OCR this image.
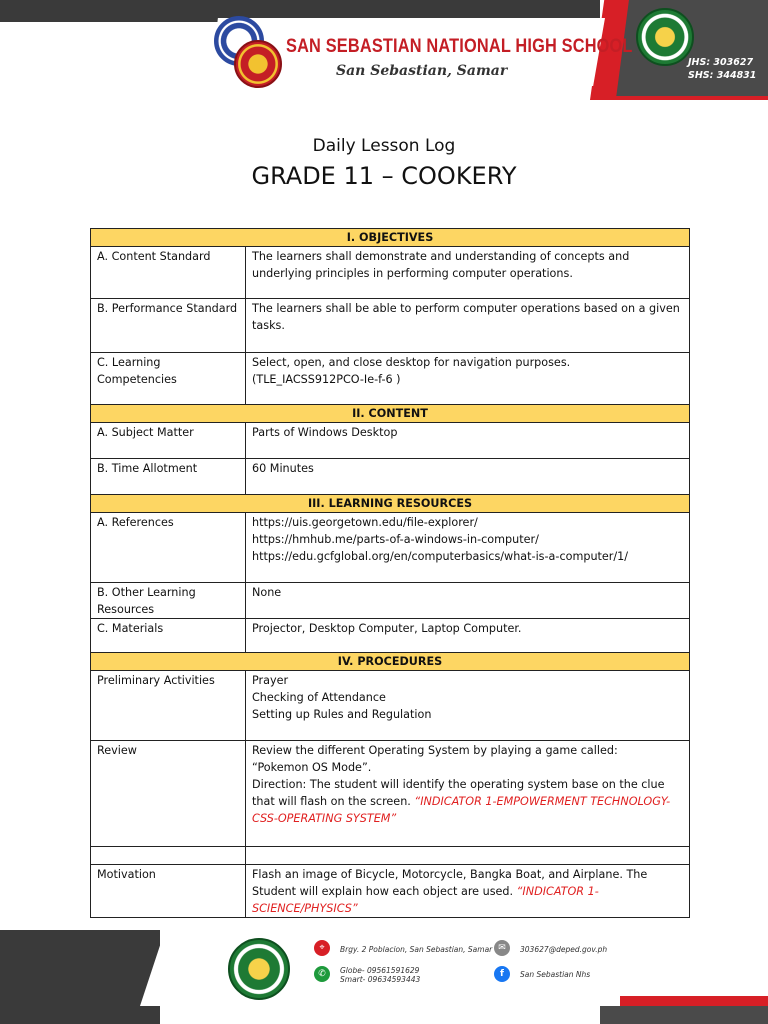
SAN SEBASTIAN NATIONAL HIGH SCHOOL
San Sebastian, Samar
JHS: 303627
SHS: 344831
Daily Lesson Log
GRADE 11 – COOKERY
I. OBJECTIVES	
A. Content Standard	The learners shall demonstrate and understanding of concepts and underlying principles in performing computer operations.
B. Performance Standard	The learners shall be able to perform computer operations based on a given tasks.
C. Learning Competencies	Select, open, and close desktop for navigation purposes.
(TLE_IACSS912PCO-Ie-f-6 )

II. CONTENT	
A. Subject Matter	Parts of Windows Desktop
B. Time Allotment	60 Minutes
III. LEARNING RESOURCES	
A. References	https://uis.georgetown.edu/file-explorer/
https://hmhub.me/parts-of-a-windows-in-computer/
https://edu.gcfglobal.org/en/computerbasics/what-is-a-computer/1/

B. Other Learning Resources	None
C. Materials	Projector, Desktop Computer, Laptop Computer.
IV. PROCEDURES	
Preliminary Activities	Prayer
Checking of Attendance
Setting up Rules and Regulation

Review	Review the different Operating System by playing a game called:
“Pokemon OS Mode”.
Direction: The student will identify the operating system base on the clue that will flash on the screen. “INDICATOR 1-EMPOWERMENT TECHNOLOGY-CSS-OPERATING SYSTEM”

Motivation	Flash an image of Bicycle, Motorcycle, Bangka Boat, and Airplane. The Student will explain how each object are used. “INDICATOR 1-SCIENCE/PHYSICS”
⌖	Brgy. 2 Poblacion, San Sebastian, Samar
✆	Globe- 09561591629
Smart- 09634593443
✉	303627@deped.gov.ph
f	San Sebastian Nhs
